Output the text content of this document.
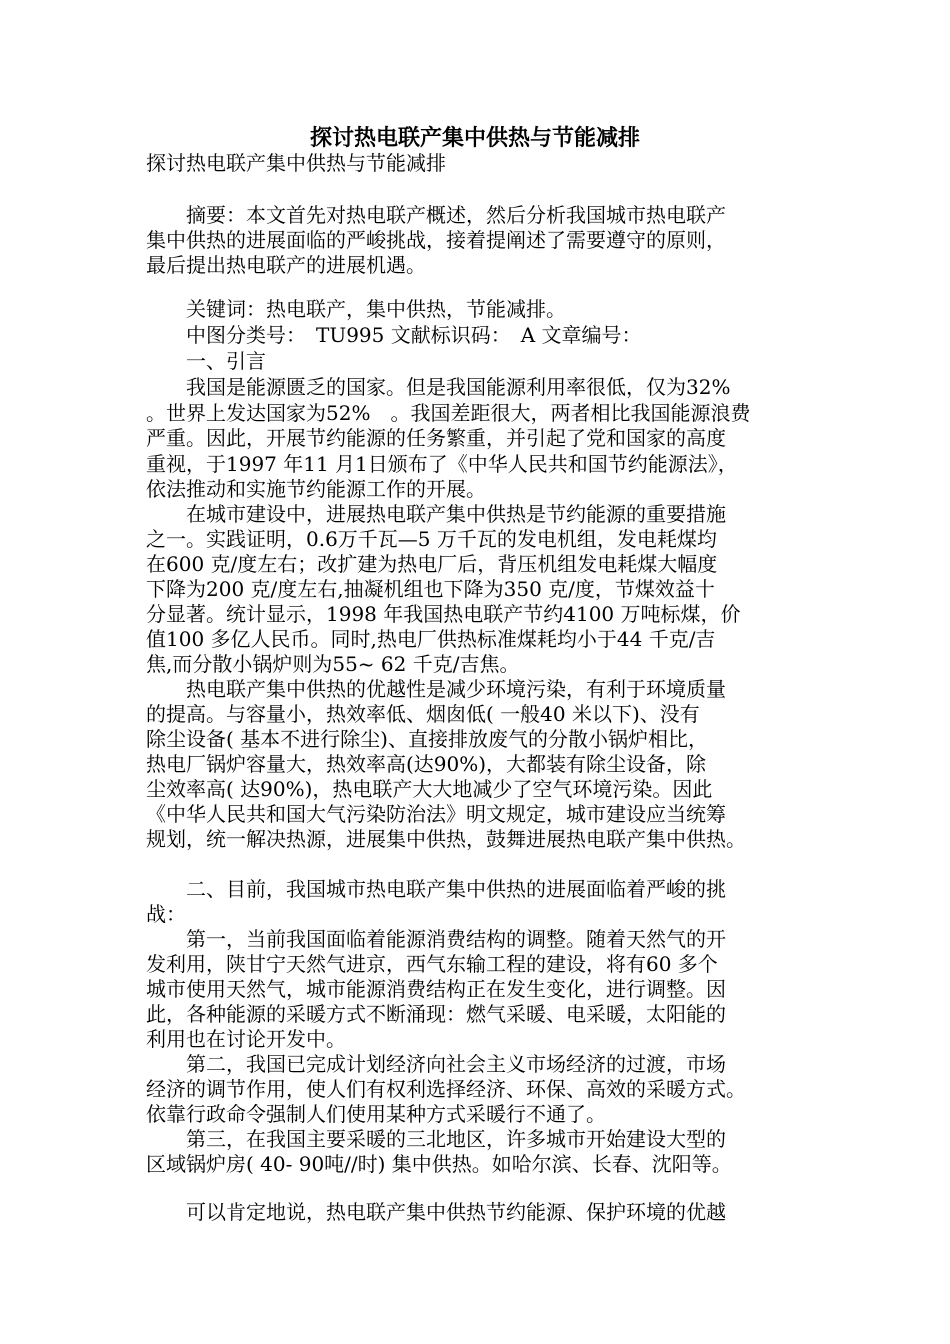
探讨热电联产集中供热与节能减排
探讨热电联产集中供热与节能减排
　　摘要：本文首先对热电联产概述，然后分析我国城市热电联产
集中供热的进展面临的严峻挑战，接着提阐述了需要遵守的原则，
最后提出热电联产的进展机遇。
　　关键词：热电联产，集中供热，节能减排。
　　中图分类号：　TU995 文献标识码：　A 文章编号：
　　一、引言
　　我国是能源匮乏的国家。但是我国能源利用率很低，仅为32%
。世界上发达国家为52%　。我国差距很大，两者相比我国能源浪费
严重。因此，开展节约能源的任务繁重，并引起了党和国家的高度
重视，于1997 年11 月1日颁布了《中华人民共和国节约能源法》，
依法推动和实施节约能源工作的开展。
　　在城市建设中，进展热电联产集中供热是节约能源的重要措施
之一。实践证明，0.6万千瓦—5 万千瓦的发电机组，发电耗煤均
在600 克/度左右；改扩建为热电厂后，背压机组发电耗煤大幅度
下降为200 克/度左右,抽凝机组也下降为350 克/度，节煤效益十
分显著。统计显示，1998 年我国热电联产节约4100 万吨标煤，价
值100 多亿人民币。同时,热电厂供热标准煤耗均小于44 千克/吉
焦,而分散小锅炉则为55~ 62 千克/吉焦。
　　热电联产集中供热的优越性是减少环境污染，有利于环境质量
的提高。与容量小，热效率低、烟囱低( 一般40 米以下)、没有
除尘设备( 基本不进行除尘)、直接排放废气的分散小锅炉相比，
热电厂锅炉容量大，热效率高(达90%)，大都装有除尘设备，除
尘效率高( 达90%)，热电联产大大地减少了空气环境污染。因此
《中华人民共和国大气污染防治法》明文规定，城市建设应当统筹
规划，统一解决热源，进展集中供热，鼓舞进展热电联产集中供热。
　　二、目前，我国城市热电联产集中供热的进展面临着严峻的挑
战：
　　第一，当前我国面临着能源消费结构的调整。随着天然气的开
发利用，陕甘宁天然气进京，西气东输工程的建设，将有60 多个
城市使用天然气，城市能源消费结构正在发生变化，进行调整。因
此，各种能源的采暖方式不断涌现：燃气采暖、电采暖，太阳能的
利用也在讨论开发中。
　　第二，我国已完成计划经济向社会主义市场经济的过渡，市场
经济的调节作用，使人们有权利选择经济、环保、高效的采暖方式。
依靠行政命令强制人们使用某种方式采暖行不通了。
　　第三，在我国主要采暖的三北地区，许多城市开始建设大型的
区域锅炉房( 40- 90吨//时) 集中供热。如哈尔滨、长春、沈阳等。
　　可以肯定地说，热电联产集中供热节约能源、保护环境的优越
